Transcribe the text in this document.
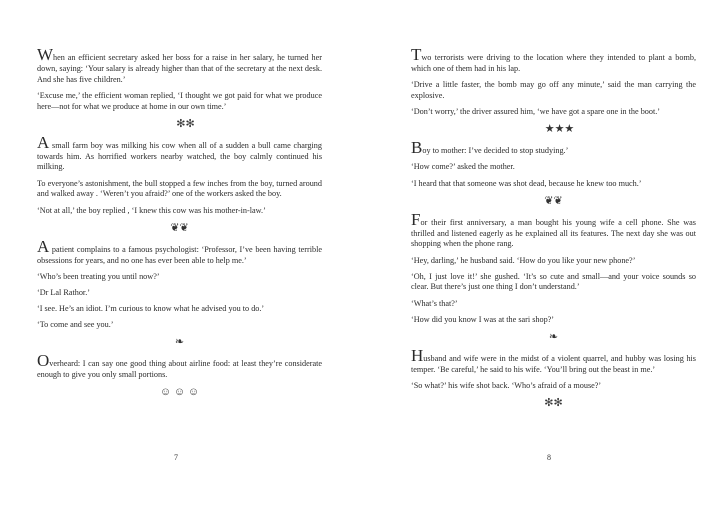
When an efficient secretary asked her boss for a raise in her salary, he turned her down, saying: ‘Your salary is already higher than that of the secretary at the next desk. And she has five children.’

‘Excuse me,’ the efficient woman replied, ‘I thought we got paid for what we produce here—not for what we produce at home in our own time.’

✻✻

A small farm boy was milking his cow when all of a sudden a bull came charging towards him. As horrified workers nearby watched, the boy calmly continued his milking.

To everyone’s astonishment, the bull stopped a few inches from the boy, turned around and walked away . ‘Weren’t you afraid?’ one of the workers asked the boy.

‘Not at all,’ the boy replied , ‘I knew this cow was his mother-in-law.’

❦❦

A patient complains to a famous psychologist: ‘Professor, I’ve been having terrible obsessions for years, and no one has ever been able to help me.’

‘Who’s been treating you until now?’

‘Dr Lal Rathor.’

‘I see. He’s an idiot. I’m curious to know what he advised you to do.’

‘To come and see you.’

❧

Overheard: I can say one good thing about airline food: at least they’re considerate enough to give you only small portions.

☺ ☺ ☺
7

Two terrorists were driving to the location where they intended to plant a bomb, which one of them had in his lap.

‘Drive a little faster, the bomb may go off any minute,’ said the man carrying the explosive.

‘Don’t worry,’ the driver assured him, ‘we have got a spare one in the boot.’

★★★

Boy to mother: I’ve decided to stop studying.’

‘How come?’ asked the mother.

‘I heard that that someone was shot dead, because he knew too much.’

❦❦

For their first anniversary, a man bought his young wife a cell phone. She was thrilled and listened eagerly as he explained all its features. The next day she was out shopping when the phone rang.

‘Hey, darling,’ he husband said. ‘How do you like your new phone?’

‘Oh, I just love it!’ she gushed. ‘It’s so cute and small—and your voice sounds so clear. But there’s just one thing I don’t understand.’

‘What’s that?’

‘How did you know I was at the sari shop?’

❧

Husband and wife were in the midst of a violent quarrel, and hubby was losing his temper. ‘Be careful,’ he said to his wife. ‘You’ll bring out the beast in me.’

‘So what?’ his wife shot back. ‘Who’s afraid of a mouse?’

✻✻
8
